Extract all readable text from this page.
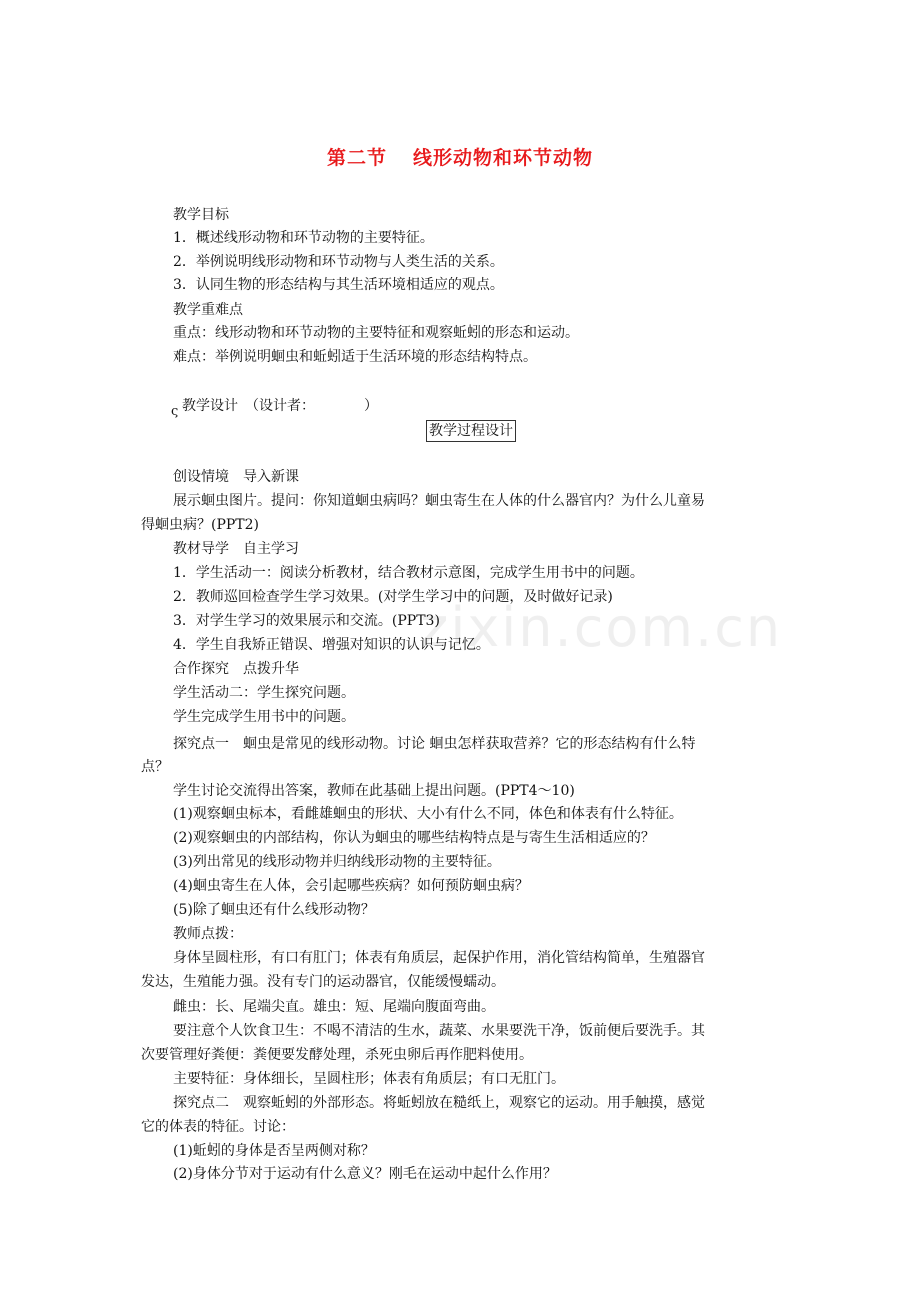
第二节 线形动物和环节动物
教学目标
1．概述线形动物和环节动物的主要特征。
2．举例说明线形动物和环节动物与人类生活的关系。
3．认同生物的形态结构与其生活环境相适应的观点。
教学重难点
重点：线形动物和环节动物的主要特征和观察蚯蚓的形态和运动。
难点：举例说明蛔虫和蚯蚓适于生活环境的形态结构特点。
ς 教学设计　（设计者：　　　　）
教学过程设计
zixin.com.cn
创设情境　导入新课
展示蛔虫图片。提问：你知道蛔虫病吗？蛔虫寄生在人体的什么器官内？为什么儿童易
得蛔虫病？(PPT2)
教材导学　自主学习
1．学生活动一：阅读分析教材，结合教材示意图，完成学生用书中的问题。
2．教师巡回检查学生学习效果。(对学生学习中的问题，及时做好记录)
3．对学生学习的效果展示和交流。(PPT3)
4．学生自我矫正错误、增强对知识的认识与记忆。
合作探究　点拨升华
学生活动二：学生探究问题。
学生完成学生用书中的问题。
探究点一　蛔虫是常见的线形动物。讨论 蛔虫怎样获取营养？它的形态结构有什么特
点？
学生讨论交流得出答案，教师在此基础上提出问题。(PPT4～10)
(1)观察蛔虫标本，看雌雄蛔虫的形状、大小有什么不同，体色和体表有什么特征。
(2)观察蛔虫的内部结构，你认为蛔虫的哪些结构特点是与寄生生活相适应的？
(3)列出常见的线形动物并归纳线形动物的主要特征。
(4)蛔虫寄生在人体，会引起哪些疾病？如何预防蛔虫病？
(5)除了蛔虫还有什么线形动物？
教师点拨：
身体呈圆柱形，有口有肛门；体表有角质层，起保护作用，消化管结构简单，生殖器官
发达，生殖能力强。没有专门的运动器官，仅能缓慢蠕动。
雌虫：长、尾端尖直。雄虫：短、尾端向腹面弯曲。
要注意个人饮食卫生：不喝不清洁的生水，蔬菜、水果要洗干净，饭前便后要洗手。其
次要管理好粪便：粪便要发酵处理，杀死虫卵后再作肥料使用。
主要特征：身体细长，呈圆柱形；体表有角质层；有口无肛门。
探究点二　观察蚯蚓的外部形态。将蚯蚓放在糙纸上，观察它的运动。用手触摸，感觉
它的体表的特征。讨论：
(1)蚯蚓的身体是否呈两侧对称？
(2)身体分节对于运动有什么意义？刚毛在运动中起什么作用？
